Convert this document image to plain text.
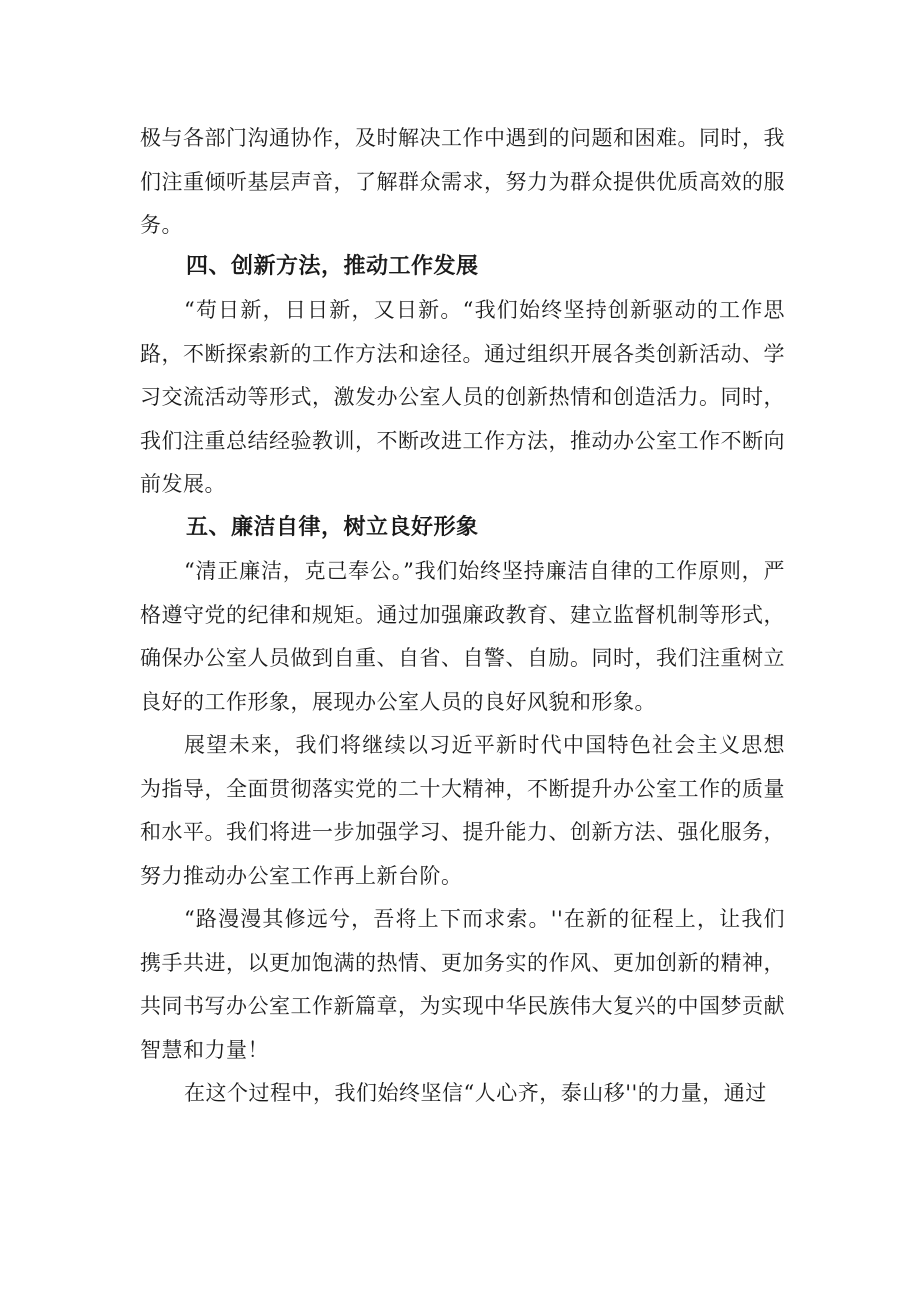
极与各部门沟通协作，及时解决工作中遇到的问题和困难。同时，我们注重倾听基层声音，了解群众需求，努力为群众提供优质高效的服务。

四、创新方法，推动工作发展

“苟日新，日日新，又日新。“我们始终坚持创新驱动的工作思路，不断探索新的工作方法和途径。通过组织开展各类创新活动、学习交流活动等形式，激发办公室人员的创新热情和创造活力。同时，我们注重总结经验教训，不断改进工作方法，推动办公室工作不断向前发展。

五、廉洁自律，树立良好形象

“清正廉洁，克己奉公。”我们始终坚持廉洁自律的工作原则，严格遵守党的纪律和规矩。通过加强廉政教育、建立监督机制等形式，确保办公室人员做到自重、自省、自警、自励。同时，我们注重树立良好的工作形象，展现办公室人员的良好风貌和形象。

展望未来，我们将继续以习近平新时代中国特色社会主义思想为指导，全面贯彻落实党的二十大精神，不断提升办公室工作的质量和水平。我们将进一步加强学习、提升能力、创新方法、强化服务，努力推动办公室工作再上新台阶。

“路漫漫其修远兮，吾将上下而求索。''在新的征程上，让我们携手共进，以更加饱满的热情、更加务实的作风、更加创新的精神，共同书写办公室工作新篇章，为实现中华民族伟大复兴的中国梦贡献智慧和力量！

在这个过程中，我们始终坚信“人心齐，泰山移''的力量，通过
